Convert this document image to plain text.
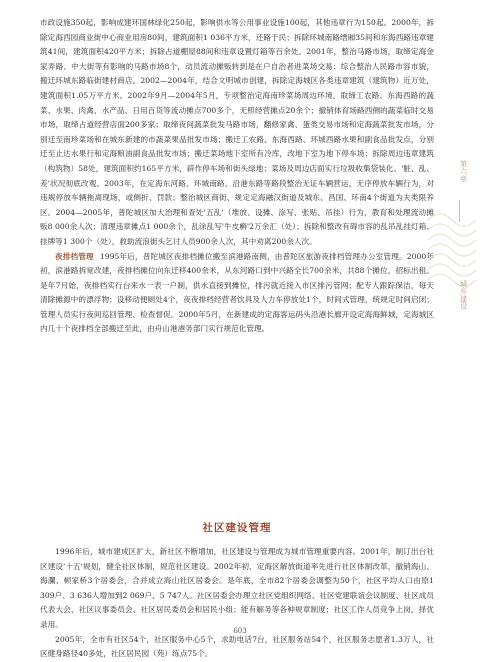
市政设施350起，影响成建环国林绿化250起，影响供水等公用事业设施100起，其他违章行为150起。2000年，拆除定海西园商业街中心商业用房80间，建筑面积1 036平方米，还路于民；拆除环城南路缙厢35间和东海西路违章建筑41间，建筑面积420平方米；拆除占道棚屋88间和违章设置灯箱等百余处。2001年，整治马路市场，取缔定海金家弄路、中大街等有影响的马路市场8个，动员流动摊贩转到是在户自治者进菜场交易；综合整治人民路市容市貌，搬迁环城东路临街建材商店。2002—2004年，结合文明城市创建，拆除定海城区各类违章建筑（建筑物）近万处，建筑面积1.05万平方米。2002年9月—2004年5月，专项整治定海南珍菜场周边环境，取缔工农路、东海西路的蔬菜、水果、肉禽、水产品、日用百货等流动摊点700多个，无照经营摊点20余个；撤销体育场路西侧的蔬菜临时交易市场，取缔占道经营店面200多家；取缔夜间蔬菜批发马路市场，翻修家禽、蛋类交易市场和定海蔬菜批发市场，分别迁至南珍菜场和在城东新建的市蔬菜果品批发市场；搬迁工农路、东海西路、环城西路水果和副食品批发点，分别迁至止达水果行和定海粮油副食品批发市场；搬迁菜场地下室所有冷库，改地下室为地下停车场；拆除周边违章建筑（构筑物）58处，建筑面积约165平方米，辟作停车场和街头绿地；菜场及周边店面实行垃圾收集袋装化。'脏、乱、差'状况彻底改观。2003年，在定海东河路、环城南路、沿港东路等路段整治无证车辆营运，无序停放车辆行为，对违规停放车辆拖离现场，或侧折、罚款；整治城区商街、规定定海融汉街道及城东、昌国、环南4个街道为夫类限养区。2004—2005年，普陀城区加大治理和查处'五乱'（堆放、设摊、涂写、张贴、吊挂）行为，教育和处理流动摊贩8 000余人次；清理违章摊点1 000余个，乱涂乱写'牛皮癣'2万余汇（处）；拆除和整改有碍市容的乱吊乱挂灯箱、挂牌等1 300个（处），救助流浪街头乞讨人员900余人次，其中劝离200余人次。

夜排档管理 1995年后，普陀城区夜排档摊位搬至滨港路南侧，由普陀区旅游夜排档管理办公室管理。2000年初，滨港路拆宽改建，夜排档摊位向东迁移400余米，从东河路口到中兴路全长700余米，共88个摊位，招标出租。是年7月始，夜排档实行台来水一表一户制，供水直接到摊位，排污就近接入市区排污管网；配专人跟踪保洁，每天清除摊源中的漂浮物；设移动便厕处4个，夜夜排档经营者饮具及人力车停放处1个，时间式管理，统规定时间启闭；管理人员实行夜间巡回管理、检查督促。2000年5月，在新建成的定海客运码头沿港长廊开设定海海鲜城，定海城区内几十个夜排档全部搬迁至此，由舟山港港务部门实行规范化管理。

社区建设管理

1996年后，城市建成区扩大，新社区不断增加，社区建设与管理成为城市管理重要内容。2001年，制订出台社区建设'十五'规划，健全社区体制，规范社区建设。2002年初，定海区解放街道率先进行社区体制改革，撤销海山、海瀾、顿家桥3个居委会，合并成立海山社区居委会。是年底，全市82个居委会调整为50个，社区平均人口由原1 309户、3 636人增加到2 069户、5 747人。社区居委会办理立社区党组织网络、社区党建联谊会议制度、社区成员代表大会、社区议事委员会、社区居民委员会和居民小组；能有解务等各种规章制度；社区工作人员竞争上岗，择优录用。

2005年，全市有社区54个，社区服务中心5个，求助电话7台，社区服务站54个，社区服务志愿者1.3万人，社区健身路径40多处，社区居民园（苑）练点75个。

第六章
城乡建设
603
